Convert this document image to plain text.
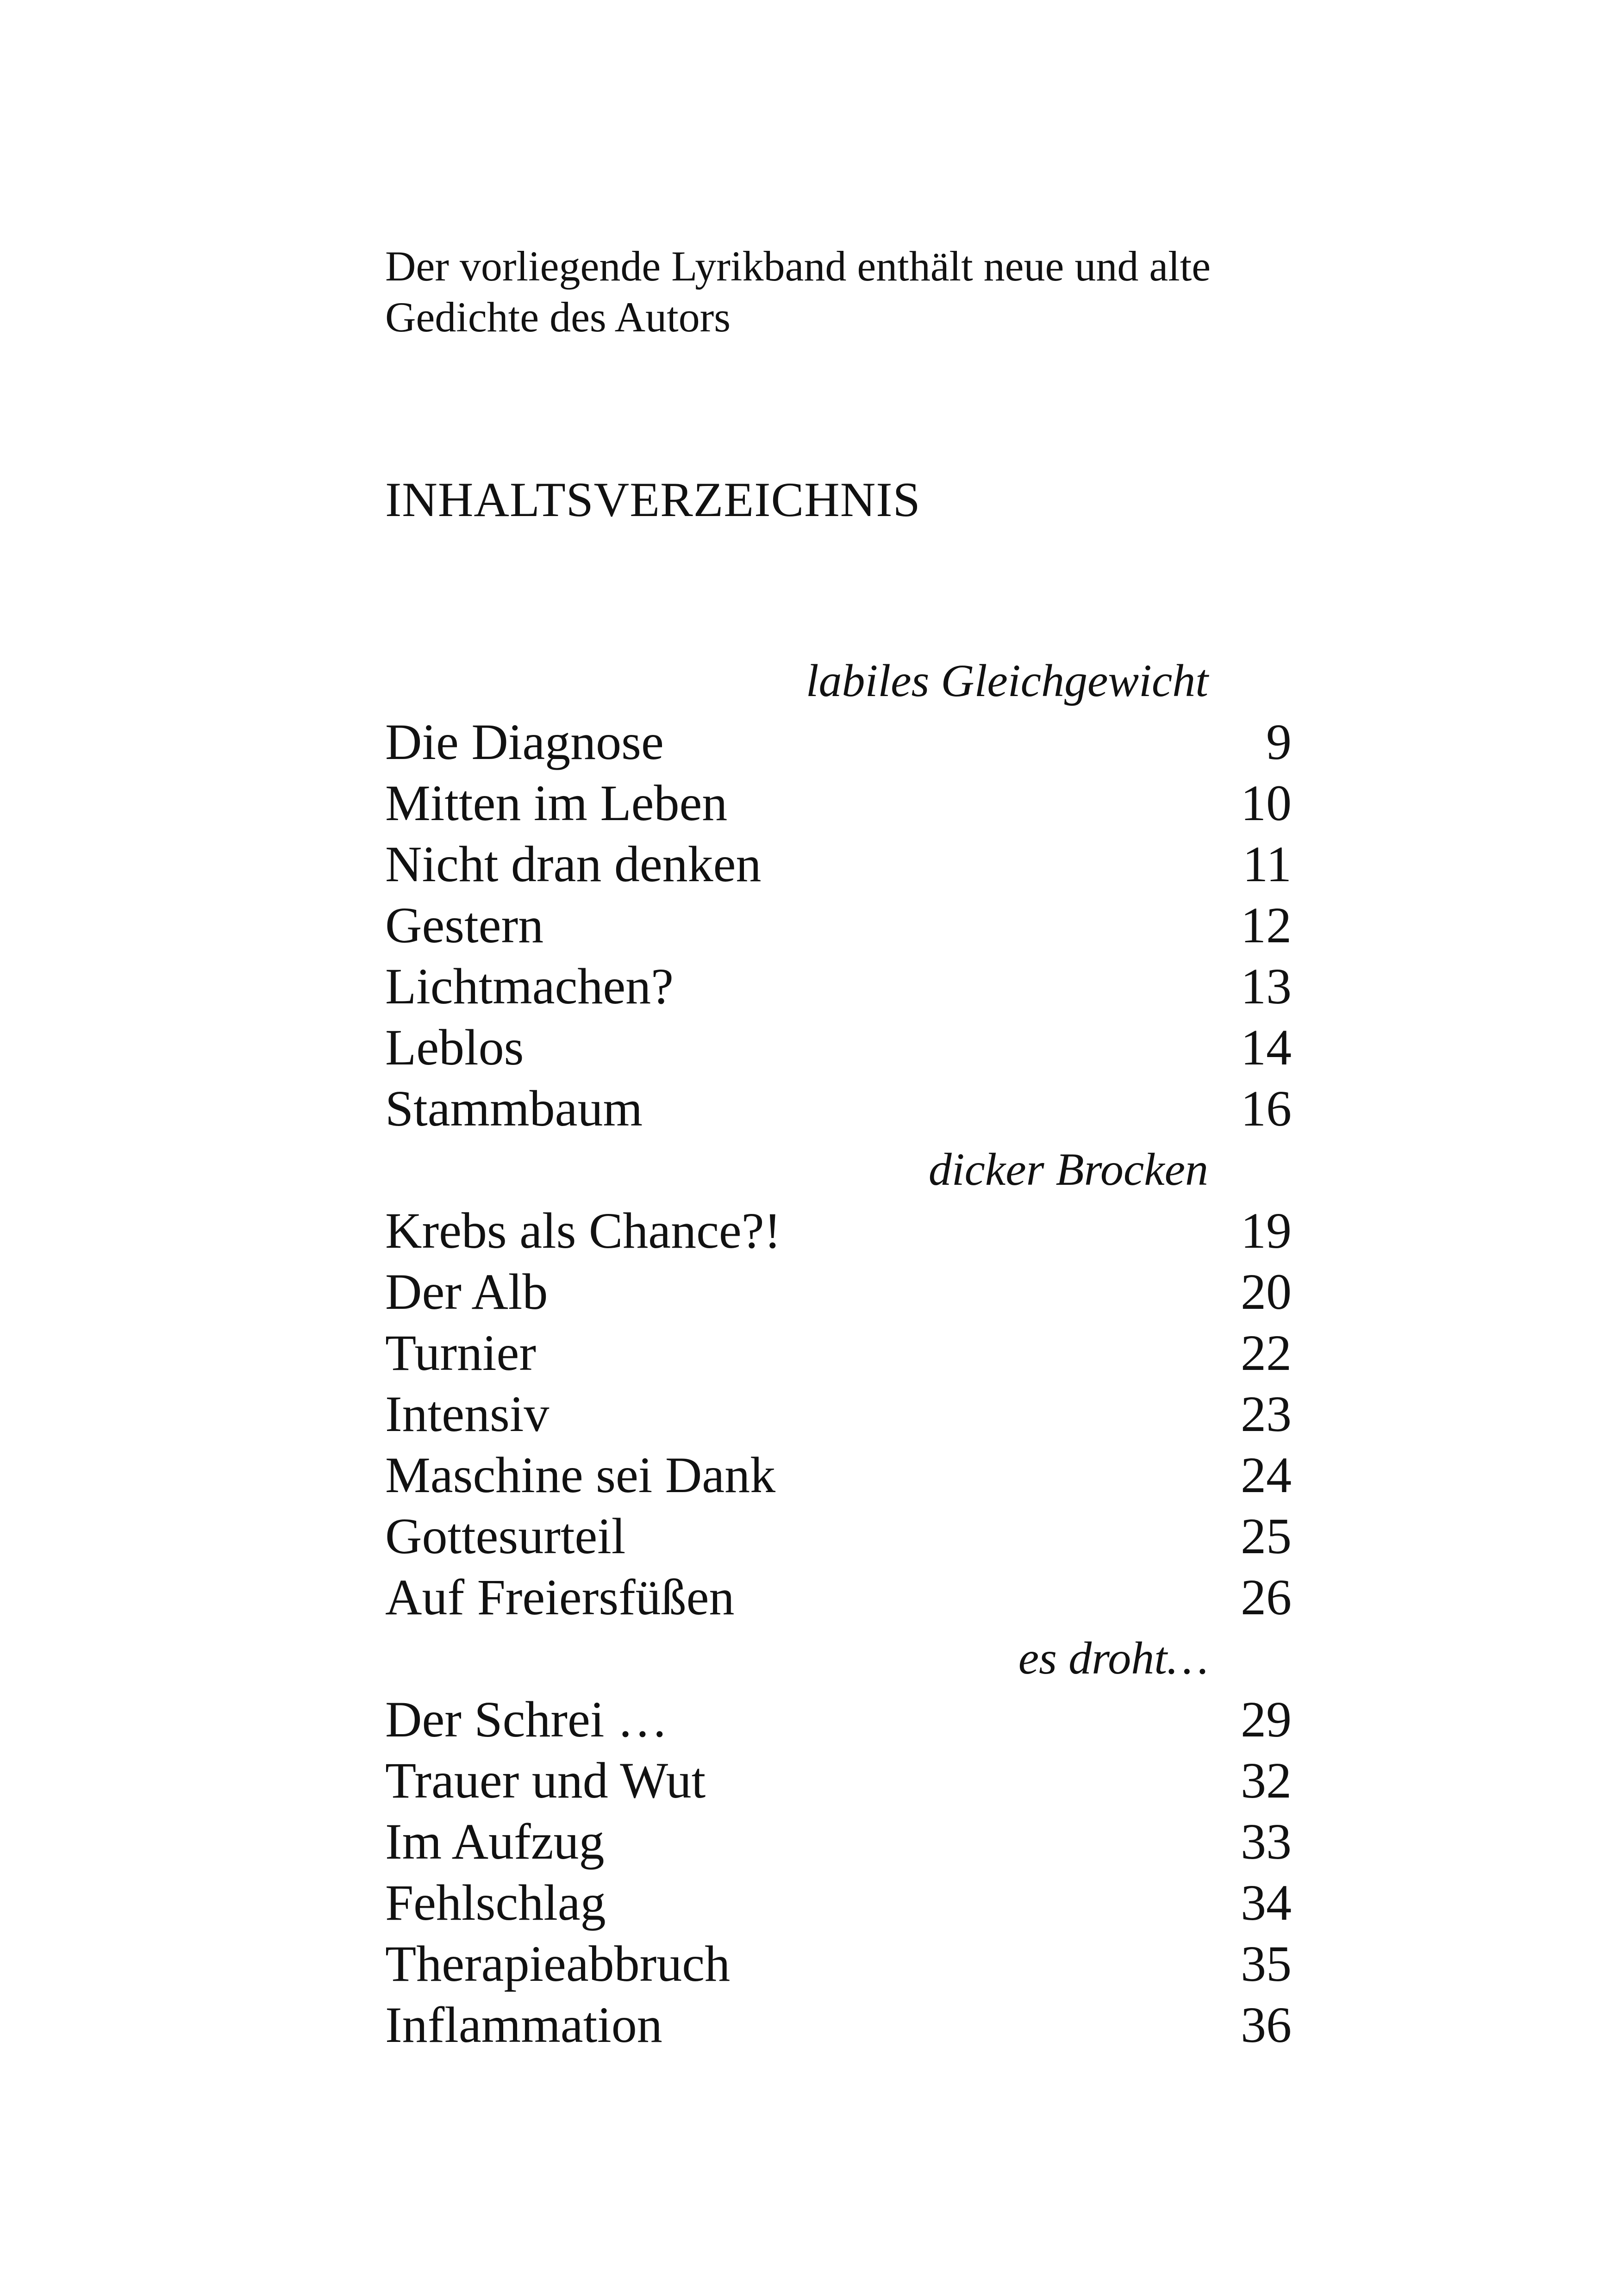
Der vorliegende Lyrikband enthält neue und alte
Gedichte des Autors
INHALTSVERZEICHNIS
labiles Gleichgewicht
Die Diagnose	9
Mitten im Leben	10
Nicht dran denken	11
Gestern	12
Lichtmachen?	13
Leblos	14
Stammbaum	16
dicker Brocken
Krebs als Chance?!	19
Der Alb	20
Turnier	22
Intensiv	23
Maschine sei Dank	24
Gottesurteil	25
Auf Freiersfüßen	26
es droht…
Der Schrei …	29
Trauer und Wut	32
Im Aufzug	33
Fehlschlag	34
Therapieabbruch	35
Inflammation	36
